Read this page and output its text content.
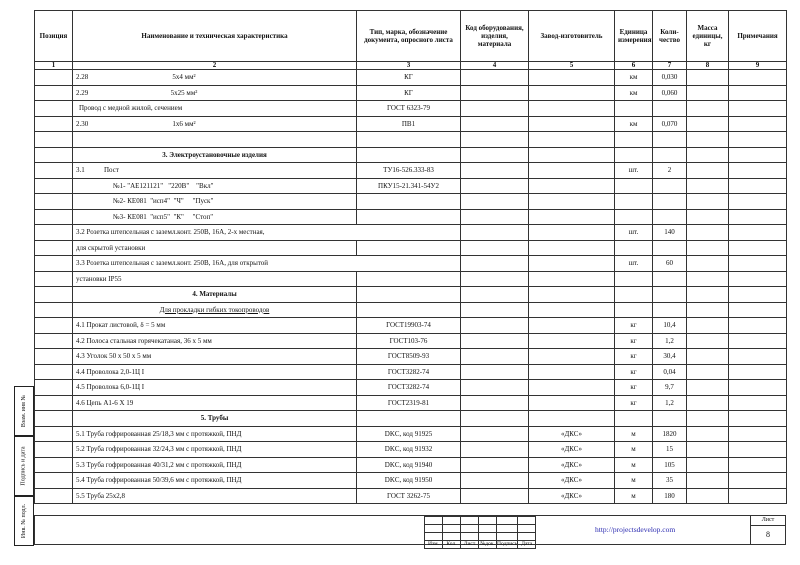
Взам. инв №
Подпись и дата
Инв. № подл.
Позиция	Наименование и техническая характеристика	Тип, марка, обозначение документа, опросного листа	Код оборудования, изделия, материала	Завод-изготовитель	Единица измерения	Коли-чество	Масса единицы, кг	Примечания
1	2	3	4	5	6	7	8	9

	2.28 5х4 мм²	КГ			км	0,030		

	2.29 5х25 мм²	КГ			км	0,060		
	Провод с медной жилой, сечением	ГОСТ 6323-79						

	2.30 1х6 мм²	ПВ1			км	0,070		

	3. Электроустановочные изделия							

	3.1 Пост	ТУ16-526.333-83			шт.	2		
	№1- "АЕ121121"   "220В"    "Вкл"	ПКУ15-21.341-54У2						
	№2- КЕ081  "исп4"  "Ч"     "Пуск"							
	№3- КЕ081  "исп5"  "К"     "Стоп"							
	3.2 Розетка штепсельная с заземл.конт. 250В, 16А, 2-х местная,				шт.	140		
	для скрытой установки							
	3.3 Розетка штепсельная с заземл.конт. 250В, 16А, для открытой				шт.	60		
	установки IP55							
	4. Материалы							
	Для прокладки гибких токопроводов							
	4.1 Прокат листовой, δ = 5 мм	ГОСТ19903-74			кг	10,4		
	4.2 Полоса стальная горячекатаная, 36 х 5 мм	ГОСТ103-76			кг	1,2		
	4.3 Уголок 50 х 50 х 5 мм	ГОСТ8509-93			кг	30,4		
	4.4 Проволока 2,0-1Ц I	ГОСТ3282-74			кг	0,04		
	4.5 Проволока 6,0-1Ц I	ГОСТ3282-74			кг	9,7		
	4.6 Цепь А1-6 Х 19	ГОСТ2319-81			кг	1,2		
	5. Трубы							
	5.1 Труба гофрированная 25/18,3 мм с протяжкой, ПНД	DKC, код 91925		«ДКС»	м	1820		
	5.2 Труба гофрированная 32/24,3 мм с протяжкой, ПНД	DKC, код 91932		«ДКС»	м	15		
	5.3 Труба гофрированная 40/31,2 мм с протяжкой, ПНД	DKC, код 91940		«ДКС»	м	105		
	5.4 Труба гофрированная 50/39,6 мм с протяжкой, ПНД	DKC, код 91950		«ДКС»	м	35		
	5.5 Труба 25х2,8	ГОСТ 3262-75		«ДКС»	м	180		

Изм.	Кол.	Лист	№док.	Подпись	Дата
http://projectsdevelop.com
Лист
8
